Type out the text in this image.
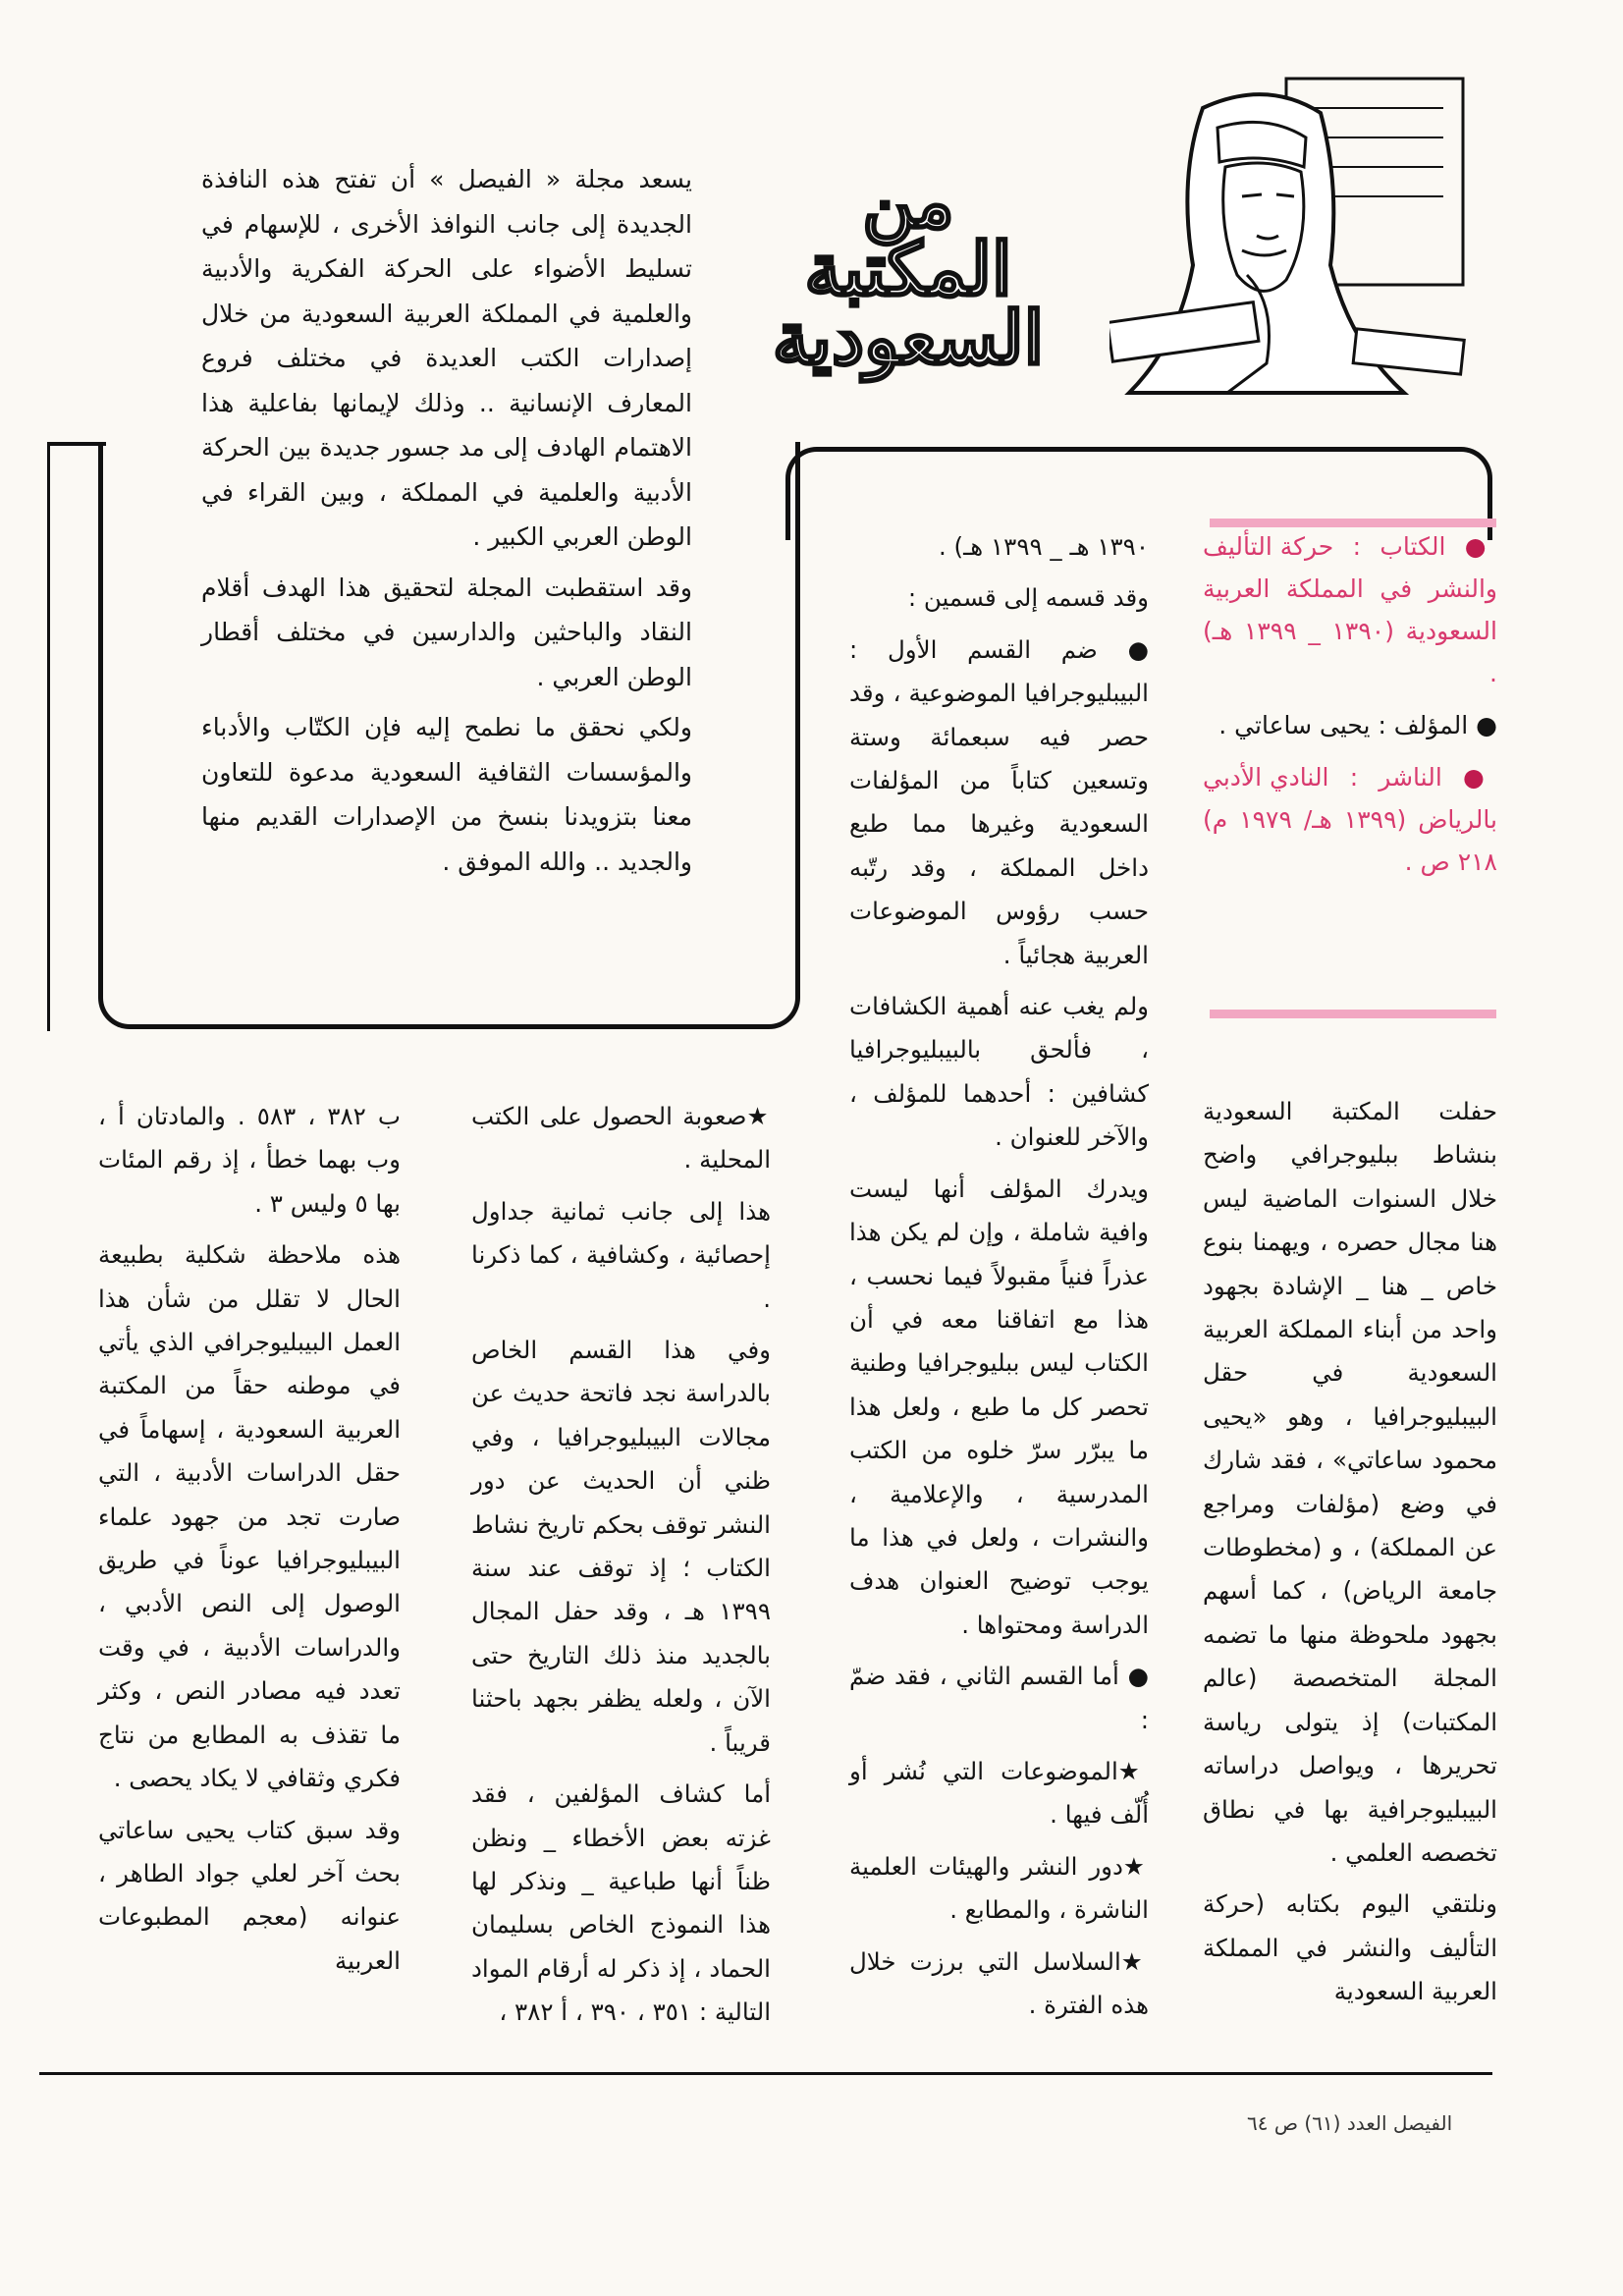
من
المكتبة
السعودية

يسعد مجلة « الفيصل » أن تفتح هذه النافذة الجديدة إلى جانب النوافذ الأخرى ، للإسهام في تسليط الأضواء على الحركة الفكرية والأدبية والعلمية في المملكة العربية السعودية من خلال إصدارات الكتب العديدة في مختلف فروع المعارف الإنسانية .. وذلك لإيمانها بفاعلية هذا الاهتمام الهادف إلى مد جسور جديدة بين الحركة الأدبية والعلمية في المملكة ، وبين القراء في الوطن العربي الكبير .

وقد استقطبت المجلة لتحقيق هذا الهدف أقلام النقاد والباحثين والدارسين في مختلف أقطار الوطن العربي .

ولكي نحقق ما نطمح إليه فإن الكتّاب والأدباء والمؤسسات الثقافية السعودية مدعوة للتعاون معنا بتزويدنا بنسخ من الإصدارات القديم منها والجديد .. والله الموفق .

● الكتاب : حركة التأليف والنشر في المملكة العربية السعودية (١٣٩٠ _ ١٣٩٩ هـ) .

● المؤلف : يحيى ساعاتي .

● الناشر : النادي الأدبي بالرياض (١٣٩٩ هـ/ ١٩٧٩ م) ٢١٨ ص .

١٣٩٠ هـ _ ١٣٩٩ هـ) .

وقد قسمه إلى قسمين :

● ضم القسم الأول : البيبليوجرافيا الموضوعية ، وقد حصر فيه سبعمائة وستة وتسعين كتاباً من المؤلفات السعودية وغيرها مما طبع داخل المملكة ، وقد رتّبه حسب رؤوس الموضوعات العربية هجائياً .

ولم يغب عنه أهمية الكشافات ، فألحق بالبيبليوجرافيا كشافين : أحدهما للمؤلف ، والآخر للعنوان .

ويدرك المؤلف أنها ليست وافية شاملة ، وإن لم يكن هذا عذراً فنياً مقبولاً فيما نحسب ، هذا مع اتفاقنا معه في أن الكتاب ليس ببليوجرافيا وطنية تحصر كل ما طبع ، ولعل هذا ما يبرّر سرّ خلوه من الكتب المدرسية ، والإعلامية ، والنشرات ، ولعل في هذا ما يوجب توضيح العنوان هدف الدراسة ومحتواها .

● أما القسم الثاني ، فقد ضمّ :

★ الموضوعات التي نُشر أو أُلّف فيها .

★ دور النشر والهيئات العلمية الناشرة ، والمطابع .

★ السلاسل التي برزت خلال هذه الفترة .

حفلت المكتبة السعودية بنشاط ببليوجرافي واضح خلال السنوات الماضية ليس هنا مجال حصره ، ويهمنا بنوع خاص _ هنا _ الإشادة بجهود واحد من أبناء المملكة العربية السعودية في حقل البيبليوجرافيا ، وهو «يحيى محمود ساعاتي» ، فقد شارك في وضع (مؤلفات ومراجع عن المملكة) ، و (مخطوطات جامعة الرياض) ، كما أسهم بجهود ملحوظة منها ما تضمه المجلة المتخصصة (عالم المكتبات) إذ يتولى رياسة تحريرها ، ويواصل دراساته البيبليوجرافية بها في نطاق تخصصه العلمي .

ونلتقي اليوم بكتابه (حركة التأليف والنشر في المملكة العربية السعودية

★ صعوبة الحصول على الكتب المحلية .

هذا إلى جانب ثمانية جداول إحصائية ، وكشافية ، كما ذكرنا .

وفي هذا القسم الخاص بالدراسة نجد فاتحة حديث عن مجالات البيبليوجرافيا ، وفي ظني أن الحديث عن دور النشر توقف بحكم تاريخ نشاط الكتاب ؛ إذ توقف عند سنة ١٣٩٩ هـ ، وقد حفل المجال بالجديد منذ ذلك التاريخ حتى الآن ، ولعله يظفر بجهد باحثنا قريباً .

أما كشاف المؤلفين ، فقد غزته بعض الأخطاء _ ونظن ظناً أنها طباعية _ ونذكر لها هذا النموذج الخاص بسليمان الحماد ، إذ ذكر له أرقام المواد التالية : ٣٥١ ، ٣٩٠ ، أ ٣٨٢ ،

ب ٣٨٢ ، ٥٨٣ . والمادتان أ ، وب بهما خطأ ، إذ رقم المئات بها ٥ وليس ٣ .

هذه ملاحظة شكلية بطبيعة الحال لا تقلل من شأن هذا العمل البيبليوجرافي الذي يأتي في موطنه حقاً من المكتبة العربية السعودية ، إسهاماً في حقل الدراسات الأدبية ، التي صارت تجد من جهود علماء البيبليوجرافيا عوناً في طريق الوصول إلى النص الأدبي ، والدراسات الأدبية ، في وقت تعدد فيه مصادر النص ، وكثر ما تقذف به المطابع من نتاج فكري وثقافي لا يكاد يحصى .

وقد سبق كتاب يحيى ساعاتي بحث آخر لعلي جواد الطاهر ، عنوانه (معجم المطبوعات العربية

الفيصل العدد (٦١) ص ٦٤
